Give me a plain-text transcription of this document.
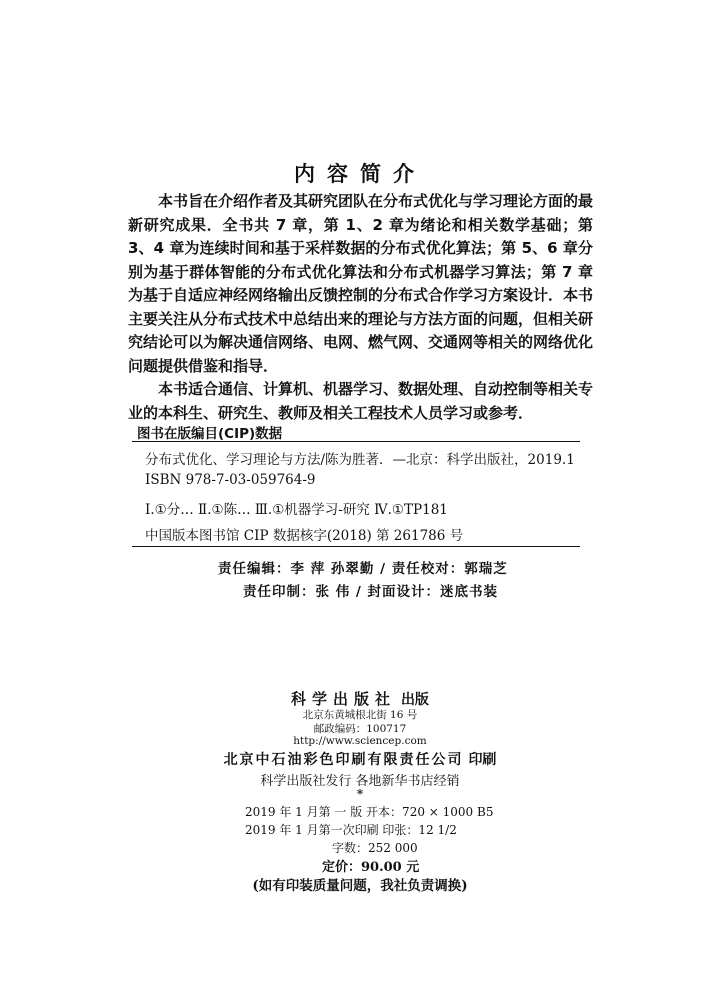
内容简介

本书旨在介绍作者及其研究团队在分布式优化与学习理论方面的最新研究成果．全书共 7 章，第 1、2 章为绪论和相关数学基础；第 3、4 章为连续时间和基于采样数据的分布式优化算法；第 5、6 章分别为基于群体智能的分布式优化算法和分布式机器学习算法；第 7 章为基于自适应神经网络输出反馈控制的分布式合作学习方案设计．本书主要关注从分布式技术中总结出来的理论与方法方面的问题，但相关研究结论可以为解决通信网络、电网、燃气网、交通网等相关的网络优化问题提供借鉴和指导．

本书适合通信、计算机、机器学习、数据处理、自动控制等相关专业的本科生、研究生、教师及相关工程技术人员学习或参考．

图书在版编目(CIP)数据
分布式优化、学习理论与方法/陈为胜著．—北京：科学出版社，2019.1
ISBN 978-7-03-059764-9
Ⅰ.①分… Ⅱ.①陈… Ⅲ.①机器学习-研究 Ⅳ.①TP181
中国版本图书馆 CIP 数据核字(2018) 第 261786 号
责任编辑：李 萍 孙翠勤 / 责任校对：郭瑞芝
责任印制：张 伟 / 封面设计：迷底书装
科学出版社 出版
北京东黄城根北街 16 号
邮政编码：100717
http://www.sciencep.com
北京中石油彩色印刷有限责任公司 印刷
科学出版社发行 各地新华书店经销
*
2019 年 1 月第 一 版 开本：720 × 1000 B5
2019 年 1 月第一次印刷 印张：12 1/2
字数：252 000
定价：90.00 元
(如有印装质量问题，我社负责调换)
